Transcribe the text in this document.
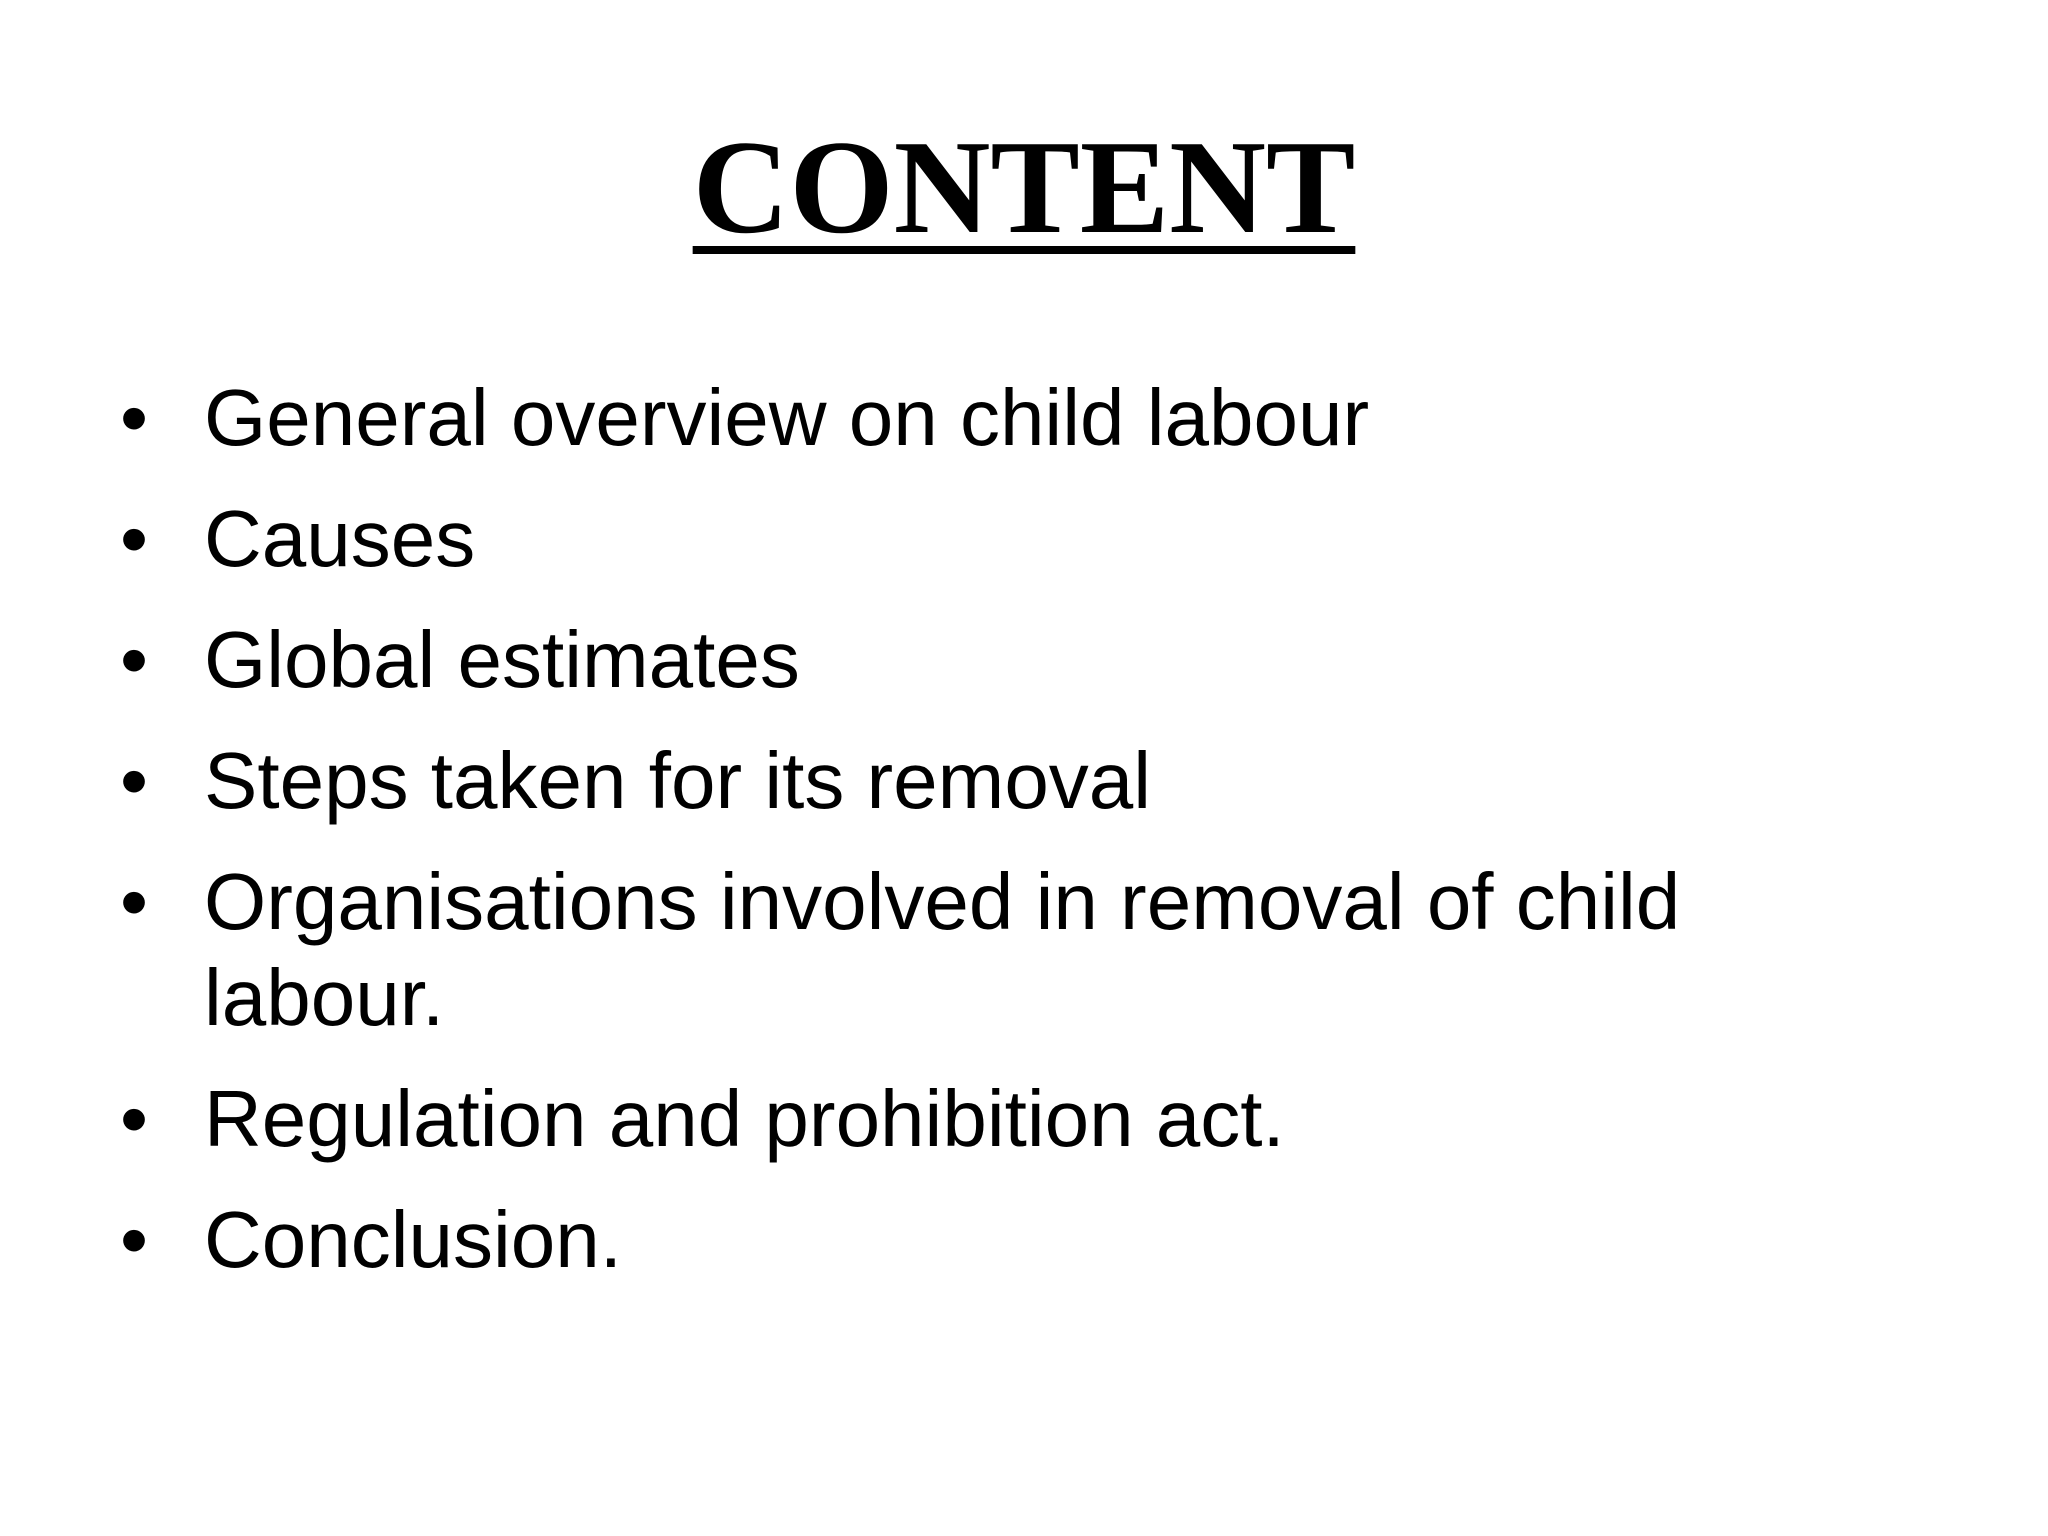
CONTENT
• General overview on child labour
• Causes
• Global estimates
• Steps taken for its removal
• Organisations involved in removal of child labour.
• Regulation and prohibition act.
• Conclusion.
